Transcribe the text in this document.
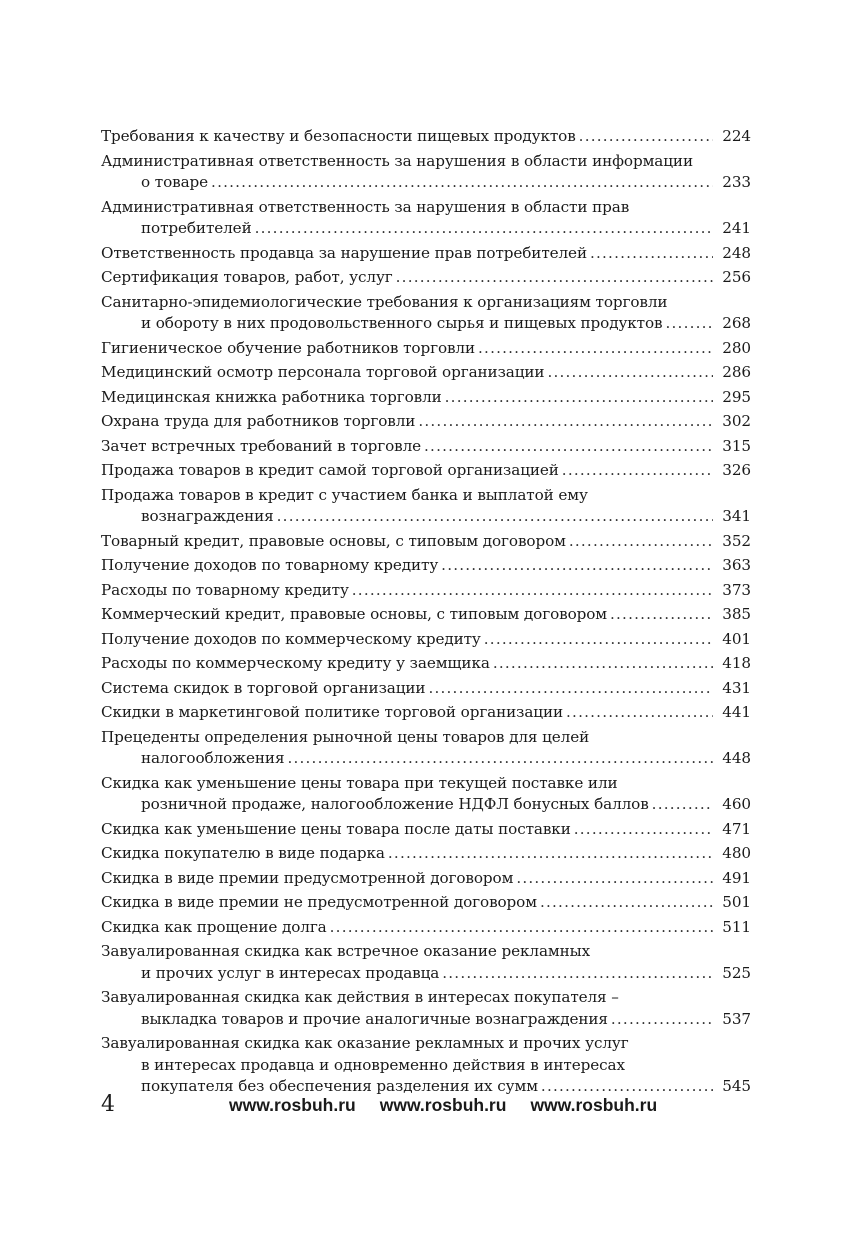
Требования к качеству и безопасности пищевых продуктов .....	224
Административная ответственность за нарушения в области информации
о товаре .....	233
Административная ответственность за нарушения в области прав
потребителей .....	241
Ответственность продавца за нарушение прав потребителей .....	248
Сертификация товаров, работ, услуг .....	256
Санитарно-эпидемиологические требования к организациям торговли
и обороту в них продовольственного сырья и пищевых продуктов .....	268
Гигиеническое обучение работников торговли .....	280
Медицинский осмотр персонала торговой организации .....	286
Медицинская книжка работника торговли .....	295
Охрана труда для работников торговли .....	302
Зачет встречных требований в торговле .....	315
Продажа товаров в кредит самой торговой организацией .....	326
Продажа товаров в кредит с участием банка и выплатой ему
вознаграждения .....	341
Товарный кредит, правовые основы, с типовым договором .....	352
Получение доходов по товарному кредиту .....	363
Расходы по товарному кредиту .....	373
Коммерческий кредит, правовые основы, с типовым договором .....	385
Получение доходов по коммерческому кредиту .....	401
Расходы по коммерческому кредиту у заемщика .....	418
Система скидок в торговой организации .....	431
Скидки в маркетинговой политике торговой организации .....	441
Прецеденты определения рыночной цены товаров для целей
налогообложения .....	448
Скидка как уменьшение цены товара при текущей поставке или
розничной продаже, налогообложение НДФЛ бонусных баллов .....	460
Скидка как уменьшение цены товара после даты поставки .....	471
Скидка покупателю в виде подарка .....	480
Скидка в виде премии предусмотренной договором .....	491
Скидка в виде премии не предусмотренной договором .....	501
Скидка как прощение долга .....	511
Завуалированная скидка как встречное оказание рекламных
и прочих услуг в интересах продавца .....	525
Завуалированная скидка как действия в интересах покупателя –
выкладка товаров и прочие аналогичные вознаграждения .....	537
Завуалированная скидка как оказание рекламных и прочих услуг
в интересах продавца и одновременно действия в интересах
покупателя без обеспечения разделения их сумм .....	545
4	www.rosbuh.ru www.rosbuh.ru www.rosbuh.ru
